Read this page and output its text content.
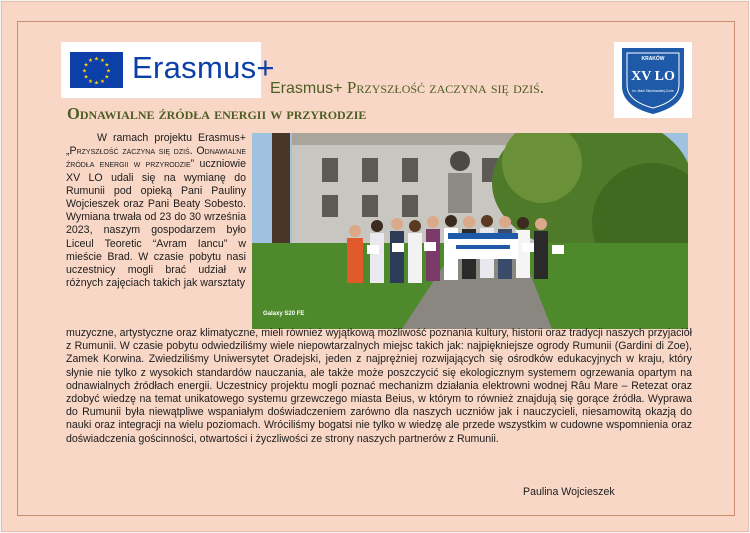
★ ★
★
★
★
★
★
★
★
★
★
★ Erasmus+
Erasmus+ Przyszłość zaczyna się dziś.
KRAKÓW
XV LO
im. Marii Skłodowskiej-Curie
Odnawialne źródła energii w przyrodzie
W ramach projektu Erasmus+ „Przyszłość zaczyna się dziś. Odnawialne źródła energii w przyrodzie” uczniowie XV LO udali się na wymianę do Rumunii pod opieką Pani Pauliny Wojcieszek oraz Pani Beaty Sobesto. Wymiana trwała od 23 do 30 września 2023, naszym gospodarzem było Liceul Teoretic “Avram Iancu” w mieście Brad. W czasie pobytu nasi uczestnicy mogli brać udział w różnych zajęciach takich jak warsztaty
Galaxy S20 FE
muzyczne, artystyczne oraz klimatyczne, mieli również wyjątkową możliwość poznania kultury, historii oraz tradycji naszych przyjaciół z Rumunii. W czasie pobytu odwiedziliśmy wiele niepowtarzalnych miejsc takich jak: najpiękniejsze ogrody Rumunii (Gardini di Zoe), Zamek Korwina. Zwiedziliśmy Uniwersytet Oradejski, jeden z najprężniej rozwijających się ośrodków edukacyjnych w kraju, który słynie nie tylko z wysokich standardów nauczania, ale także może poszczycić się ekologicznym systemem ogrzewania opartym na odnawialnych źródłach energii. Uczestnicy projektu mogli poznać mechanizm działania elektrowni wodnej Râu Mare – Retezat oraz zdobyć wiedzę na temat unikatowego systemu grzewczego miasta Beius, w którym to również znajdują się gorące źródła. Wyprawa do Rumunii była niewątpliwe wspaniałym doświadczeniem zarówno dla naszych uczniów jak i nauczycieli, niesamowitą okazją do nauki oraz integracji na wielu poziomach. Wróciliśmy bogatsi nie tylko w wiedzę ale przede wszystkim w cudowne wspomnienia oraz doświadczenia gościnności, otwartości i życzliwości ze strony naszych partnerów z Rumunii.
Paulina Wojcieszek
